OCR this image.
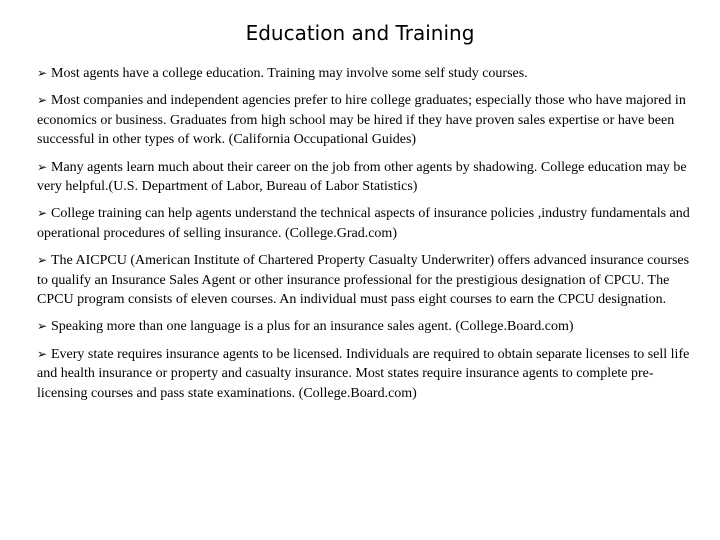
Education and Training
➢ Most agents have a college education. Training may involve some self study courses.
➢ Most companies and independent agencies prefer to hire college graduates; especially those who have majored in economics or business. Graduates from high school may be hired if they have proven sales expertise or have been successful in other types of work. (California Occupational Guides)
➢ Many agents learn much about their career on the job from other agents by shadowing. College education may be very helpful.(U.S. Department of Labor, Bureau of Labor Statistics)
➢ College training can help agents understand the technical aspects of insurance policies ,industry fundamentals and operational procedures of selling insurance. (College.Grad.com)
➢ The AICPCU (American Institute of Chartered Property Casualty Underwriter) offers advanced insurance courses to qualify an Insurance Sales Agent or other insurance professional for the prestigious designation of CPCU. The CPCU program consists of eleven courses. An individual must pass eight courses to earn the CPCU designation.
➢ Speaking more than one language is a plus for an insurance sales agent. (College.Board.com)
➢ Every state requires insurance agents to be licensed. Individuals are required to obtain separate licenses to sell life and health insurance or property and casualty insurance. Most states require insurance agents to complete pre-licensing courses and pass state examinations. (College.Board.com)
